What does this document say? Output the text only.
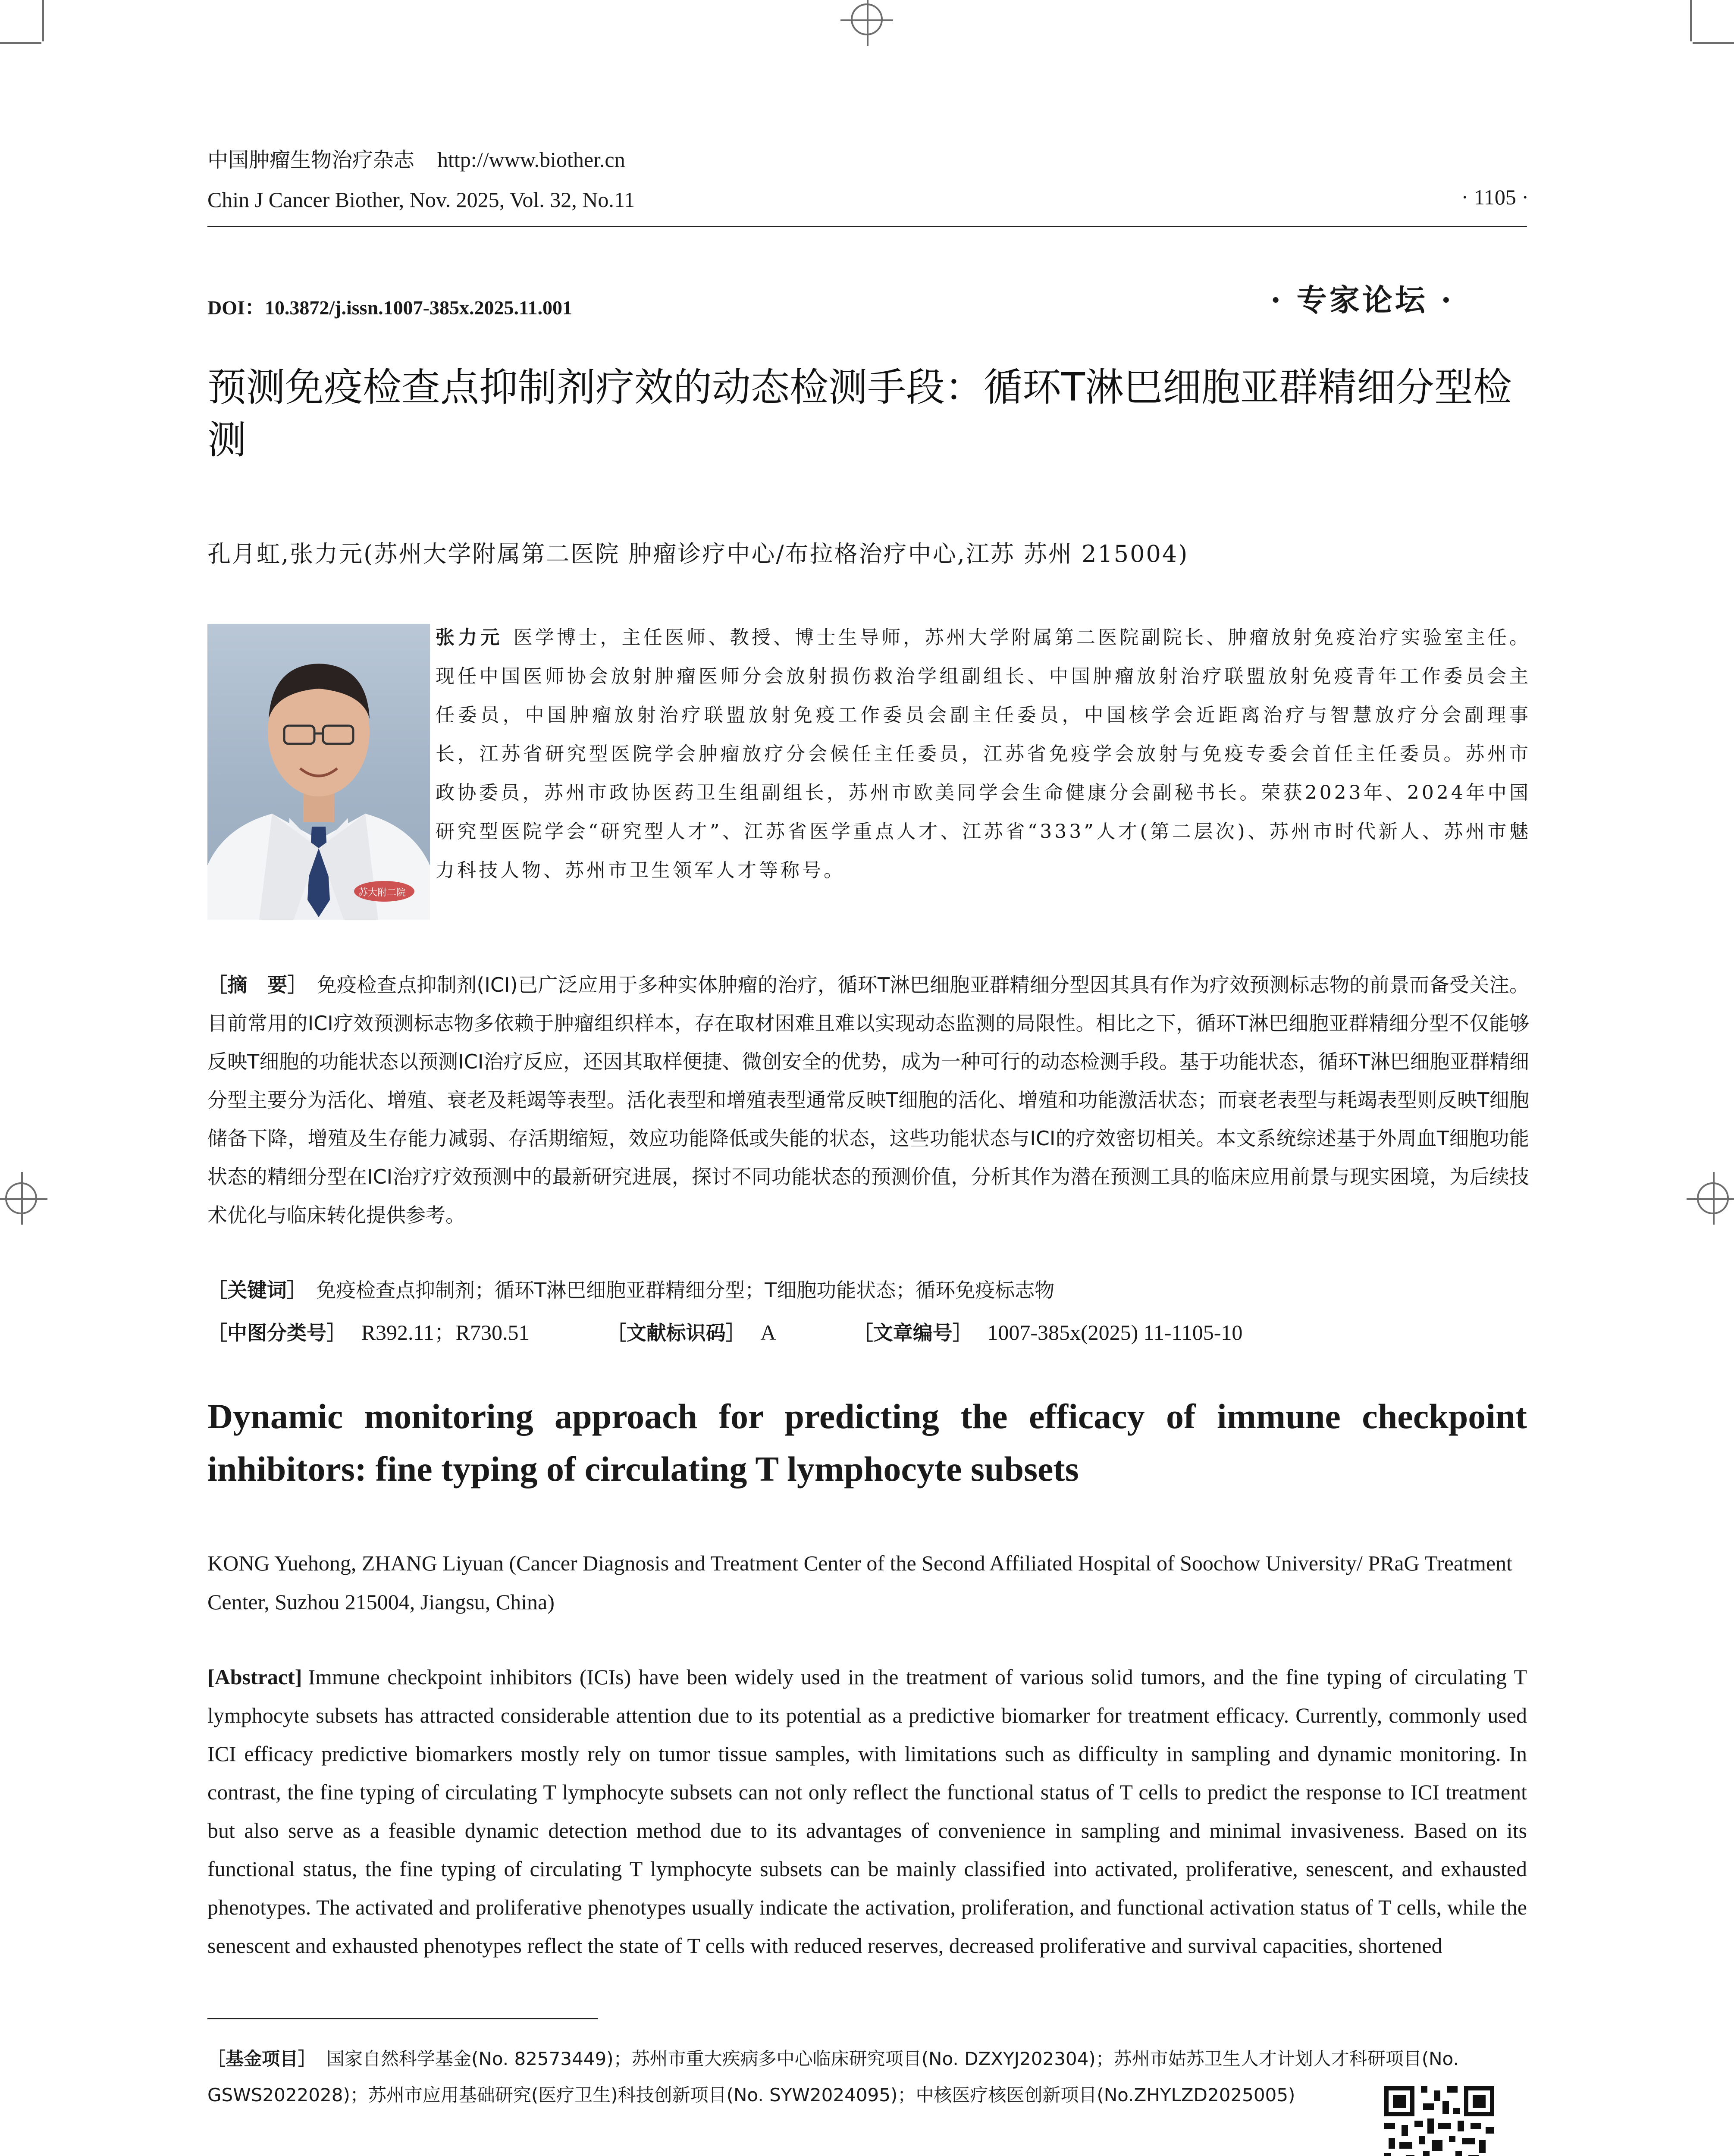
中国肿瘤生物治疗杂志 http://www.biother.cn
Chin J Cancer Biother, Nov. 2025, Vol. 32, No.11	· 1105 ·
DOI：10.3872/j.issn.1007-385x.2025.11.001	· 专家论坛 ·
预测免疫检查点抑制剂疗效的动态检测手段：循环T淋巴细胞亚群精细分型检测
孔月虹,张力元(苏州大学附属第二医院 肿瘤诊疗中心/布拉格治疗中心,江苏 苏州 215004)
苏大附二院
张力元 医学博士，主任医师、教授、博士生导师，苏州大学附属第二医院副院长、肿瘤放射免疫治疗实验室主任。现任中国医师协会放射肿瘤医师分会放射损伤救治学组副组长、中国肿瘤放射治疗联盟放射免疫青年工作委员会主任委员，中国肿瘤放射治疗联盟放射免疫工作委员会副主任委员，中国核学会近距离治疗与智慧放疗分会副理事长，江苏省研究型医院学会肿瘤放疗分会候任主任委员，江苏省免疫学会放射与免疫专委会首任主任委员。苏州市政协委员，苏州市政协医药卫生组副组长，苏州市欧美同学会生命健康分会副秘书长。荣获2023年、2024年中国研究型医院学会“研究型人才”、江苏省医学重点人才、江苏省“333”人才(第二层次)、苏州市时代新人、苏州市魅力科技人物、苏州市卫生领军人才等称号。
［摘　要］ 免疫检查点抑制剂(ICI)已广泛应用于多种实体肿瘤的治疗，循环T淋巴细胞亚群精细分型因其具有作为疗效预测标志物的前景而备受关注。目前常用的ICI疗效预测标志物多依赖于肿瘤组织样本，存在取材困难且难以实现动态监测的局限性。相比之下，循环T淋巴细胞亚群精细分型不仅能够反映T细胞的功能状态以预测ICI治疗反应，还因其取样便捷、微创安全的优势，成为一种可行的动态检测手段。基于功能状态，循环T淋巴细胞亚群精细分型主要分为活化、增殖、衰老及耗竭等表型。活化表型和增殖表型通常反映T细胞的活化、增殖和功能激活状态；而衰老表型与耗竭表型则反映T细胞储备下降，增殖及生存能力减弱、存活期缩短，效应功能降低或失能的状态，这些功能状态与ICI的疗效密切相关。本文系统综述基于外周血T细胞功能状态的精细分型在ICI治疗疗效预测中的最新研究进展，探讨不同功能状态的预测价值，分析其作为潜在预测工具的临床应用前景与现实困境，为后续技术优化与临床转化提供参考。
［关键词］ 免疫检查点抑制剂；循环T淋巴细胞亚群精细分型；T细胞功能状态；循环免疫标志物
［中图分类号］ R392.11；R730.51	［文献标识码］ A	［文章编号］ 1007-385x(2025) 11-1105-10
Dynamic monitoring approach for predicting the efficacy of immune checkpoint inhibitors: fine typing of circulating T lymphocyte subsets
KONG Yuehong, ZHANG Liyuan (Cancer Diagnosis and Treatment Center of the Second Affiliated Hospital of Soochow University/ PRaG Treatment Center, Suzhou 215004, Jiangsu, China)
[Abstract] Immune checkpoint inhibitors (ICIs) have been widely used in the treatment of various solid tumors, and the fine typing of circulating T lymphocyte subsets has attracted considerable attention due to its potential as a predictive biomarker for treatment efficacy. Currently, commonly used ICI efficacy predictive biomarkers mostly rely on tumor tissue samples, with limitations such as difficulty in sampling and dynamic monitoring. In contrast, the fine typing of circulating T lymphocyte subsets can not only reflect the functional status of T cells to predict the response to ICI treatment but also serve as a feasible dynamic detection method due to its advantages of convenience in sampling and minimal invasiveness. Based on its functional status, the fine typing of circulating T lymphocyte subsets can be mainly classified into activated, proliferative, senescent, and exhausted phenotypes. The activated and proliferative phenotypes usually indicate the activation, proliferation, and functional activation status of T cells, while the senescent and exhausted phenotypes reflect the state of T cells with reduced reserves, decreased proliferative and survival capacities, shortened
［基金项目］ 国家自然科学基金(No. 82573449)；苏州市重大疾病多中心临床研究项目(No. DZXYJ202304)；苏州市姑苏卫生人才计划人才科研项目(No. GSWS2022028)；苏州市应用基础研究(医疗卫生)科技创新项目(No. SYW2024095)；中核医疗核医创新项目(No.ZHYLZD2025005)
